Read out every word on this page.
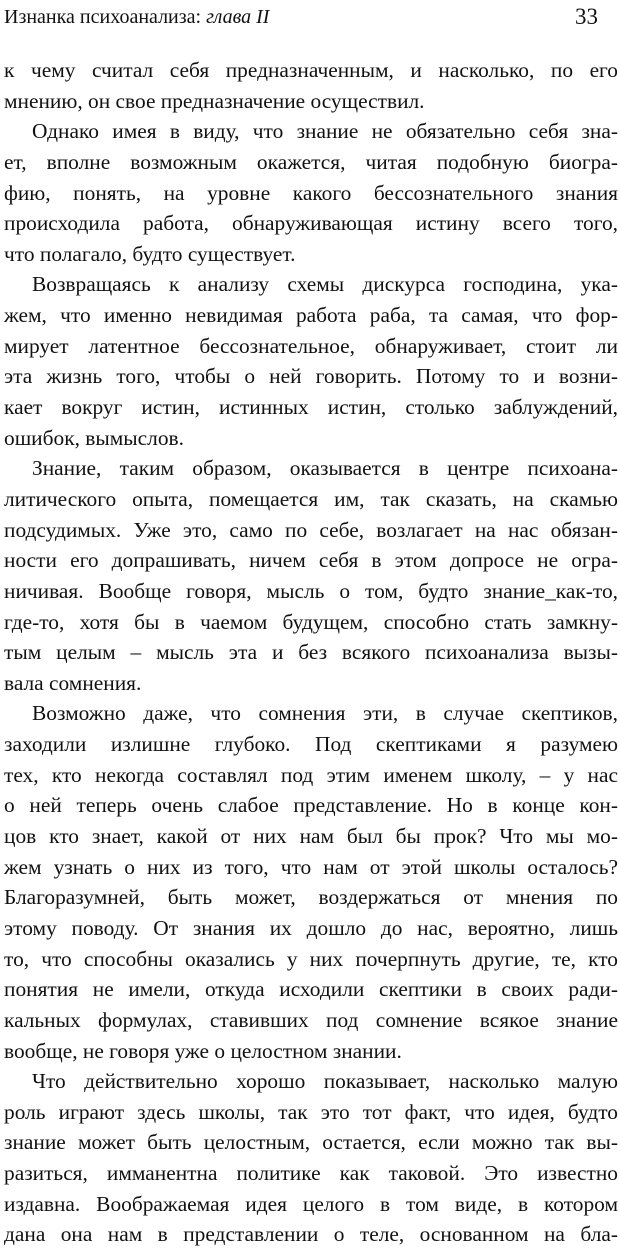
Изнанка психоанализа: глава II	33
к чему считал себя предназначенным, и насколько, по его
мнению, он свое предназначение осуществил.
Однако имея в виду, что знание не обязательно себя зна-
ет, вполне возможным окажется, читая подобную биогра-
фию, понять, на уровне какого бессознательного знания
происходила работа, обнаруживающая истину всего того,
что полагало, будто существует.
Возвращаясь к анализу схемы дискурса господина, ука-
жем, что именно невидимая работа раба, та самая, что фор-
мирует латентное бессознательное, обнаруживает, стоит ли
эта жизнь того, чтобы о ней говорить. Потому то и возни-
кает вокруг истин, истинных истин, столько заблуждений,
ошибок, вымыслов.
Знание, таким образом, оказывается в центре психоана-
литического опыта, помещается им, так сказать, на скамью
подсудимых. Уже это, само по себе, возлагает на нас обязан-
ности его допрашивать, ничем себя в этом допросе не огра-
ничивая. Вообще говоря, мысль о том, будто знание_как-то,
где-то, хотя бы в чаемом будущем, способно стать замкну-
тым целым – мысль эта и без всякого психоанализа вызы-
вала сомнения.
Возможно даже, что сомнения эти, в случае скептиков,
заходили излишне глубоко. Под скептиками я разумею
тех, кто некогда составлял под этим именем школу, – у нас
о ней теперь очень слабое представление. Но в конце кон-
цов кто знает, какой от них нам был бы прок? Что мы мо-
жем узнать о них из того, что нам от этой школы осталось?
Благоразумней, быть может, воздержаться от мнения по
этому поводу. От знания их дошло до нас, вероятно, лишь
то, что способны оказались у них почерпнуть другие, те, кто
понятия не имели, откуда исходили скептики в своих ради-
кальных формулах, ставивших под сомнение всякое знание
вообще, не говоря уже о целостном знании.
Что действительно хорошо показывает, насколько малую
роль играют здесь школы, так это тот факт, что идея, будто
знание может быть целостным, остается, если можно так вы-
разиться, имманентна политике как таковой. Это известно
издавна. Воображаемая идея целого в том виде, в котором
дана она нам в представлении о теле, основанном на бла-
